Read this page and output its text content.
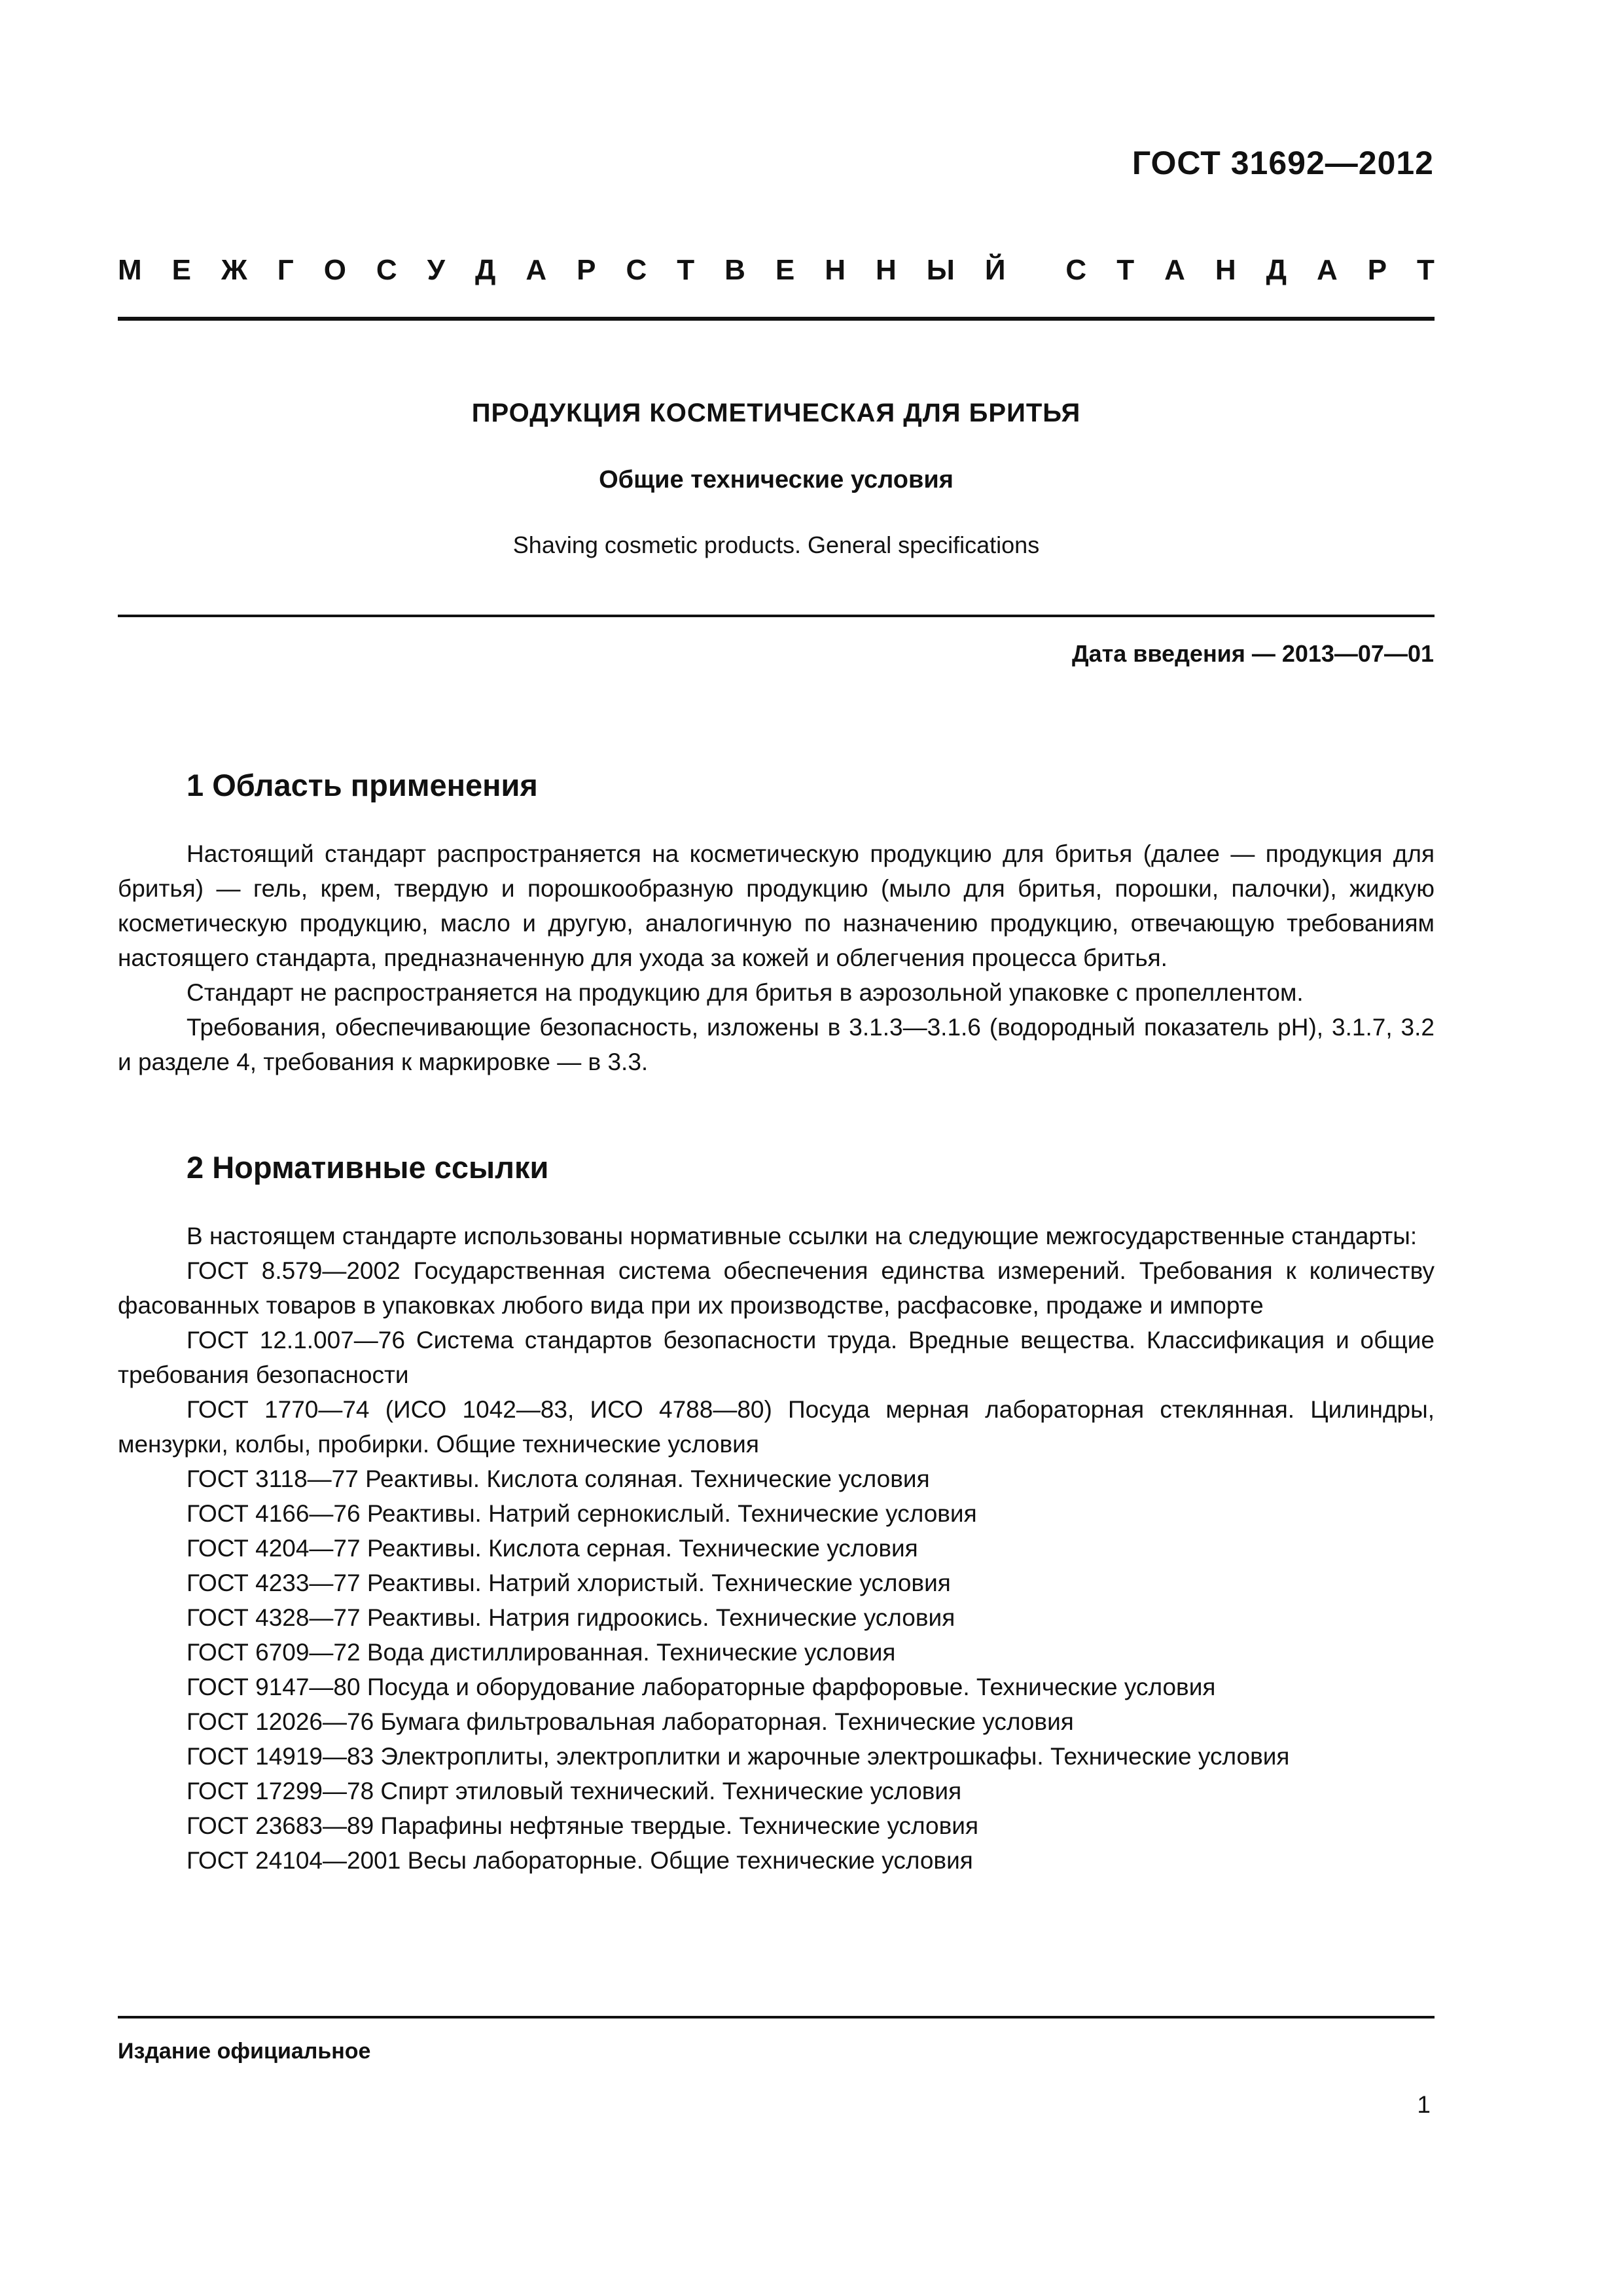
ГОСТ 31692—2012
М Е Ж Г О С У Д А Р С Т В Е Н Н Ы Й С Т А Н Д А Р Т
ПРОДУКЦИЯ КОСМЕТИЧЕСКАЯ ДЛЯ БРИТЬЯ
Общие технические условия
Shaving cosmetic products. General specifications
Дата введения — 2013—07—01
1 Область применения

Настоящий стандарт распространяется на косметическую продукцию для бритья (далее — продукция для бритья) — гель, крем, твердую и порошкообразную продукцию (мыло для бритья, порошки, палочки), жидкую косметическую продукцию, масло и другую, аналогичную по назначению продукцию, отвечающую требованиям настоящего стандарта, предназначенную для ухода за кожей и облегчения процесса бритья.

Стандарт не распространяется на продукцию для бритья в аэрозольной упаковке с пропеллентом.

Требования, обеспечивающие безопасность, изложены в 3.1.3—3.1.6 (водородный показатель рН), 3.1.7, 3.2 и разделе 4, требования к маркировке — в 3.3.

2 Нормативные ссылки

В настоящем стандарте использованы нормативные ссылки на следующие межгосударственные стандарты:

ГОСТ 8.579—2002 Государственная система обеспечения единства измерений. Требования к количеству фасованных товаров в упаковках любого вида при их производстве, расфасовке, продаже и импорте

ГОСТ 12.1.007—76 Система стандартов безопасности труда. Вредные вещества. Классификация и общие требования безопасности

ГОСТ 1770—74 (ИСО 1042—83, ИСО 4788—80) Посуда мерная лабораторная стеклянная. Цилиндры, мензурки, колбы, пробирки. Общие технические условия

ГОСТ 3118—77 Реактивы. Кислота соляная. Технические условия

ГОСТ 4166—76 Реактивы. Натрий сернокислый. Технические условия

ГОСТ 4204—77 Реактивы. Кислота серная. Технические условия

ГОСТ 4233—77 Реактивы. Натрий хлористый. Технические условия

ГОСТ 4328—77 Реактивы. Натрия гидроокись. Технические условия

ГОСТ 6709—72 Вода дистиллированная. Технические условия

ГОСТ 9147—80 Посуда и оборудование лабораторные фарфоровые. Технические условия

ГОСТ 12026—76 Бумага фильтровальная лабораторная. Технические условия

ГОСТ 14919—83 Электроплиты, электроплитки и жарочные электрошкафы. Технические условия

ГОСТ 17299—78 Спирт этиловый технический. Технические условия

ГОСТ 23683—89 Парафины нефтяные твердые. Технические условия

ГОСТ 24104—2001 Весы лабораторные. Общие технические условия

Издание официальное
1
